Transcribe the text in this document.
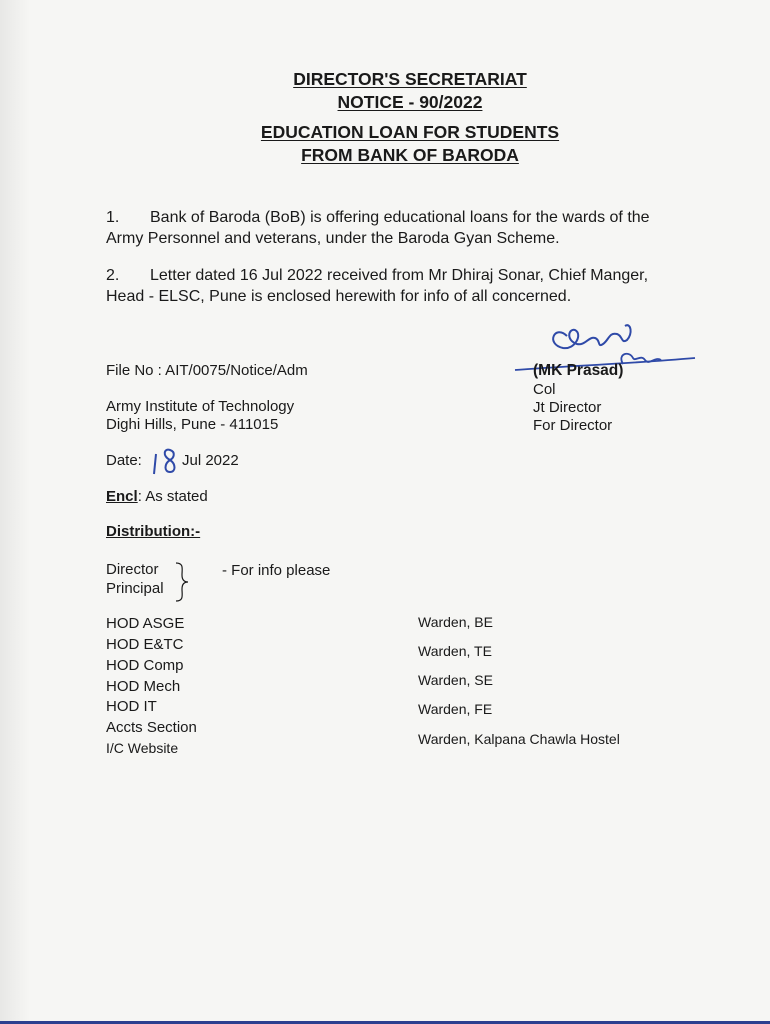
DIRECTOR'S SECRETARIAT
NOTICE - 90/2022
EDUCATION LOAN FOR STUDENTS
FROM BANK OF BARODA
1. Bank of Baroda (BoB) is offering educational loans for the wards of the
Army Personnel and veterans, under the Baroda Gyan Scheme.
2. Letter dated 16 Jul 2022 received from Mr Dhiraj Sonar, Chief Manger,
Head - ELSC, Pune is enclosed herewith for info of all concerned.
(MK Prasad)
Col
Jt Director
For Director
File No : AIT/0075/Notice/Adm
Army Institute of Technology
Dighi Hills, Pune - 411015
Date:	Jul 2022
Encl: As stated
Distribution:-
Director
Principal
- For info please
HOD ASGE
HOD E&TC
HOD Comp
HOD Mech
HOD IT
Accts Section
I/C Website
Warden, BE
Warden, TE
Warden, SE
Warden, FE
Warden, Kalpana Chawla Hostel
